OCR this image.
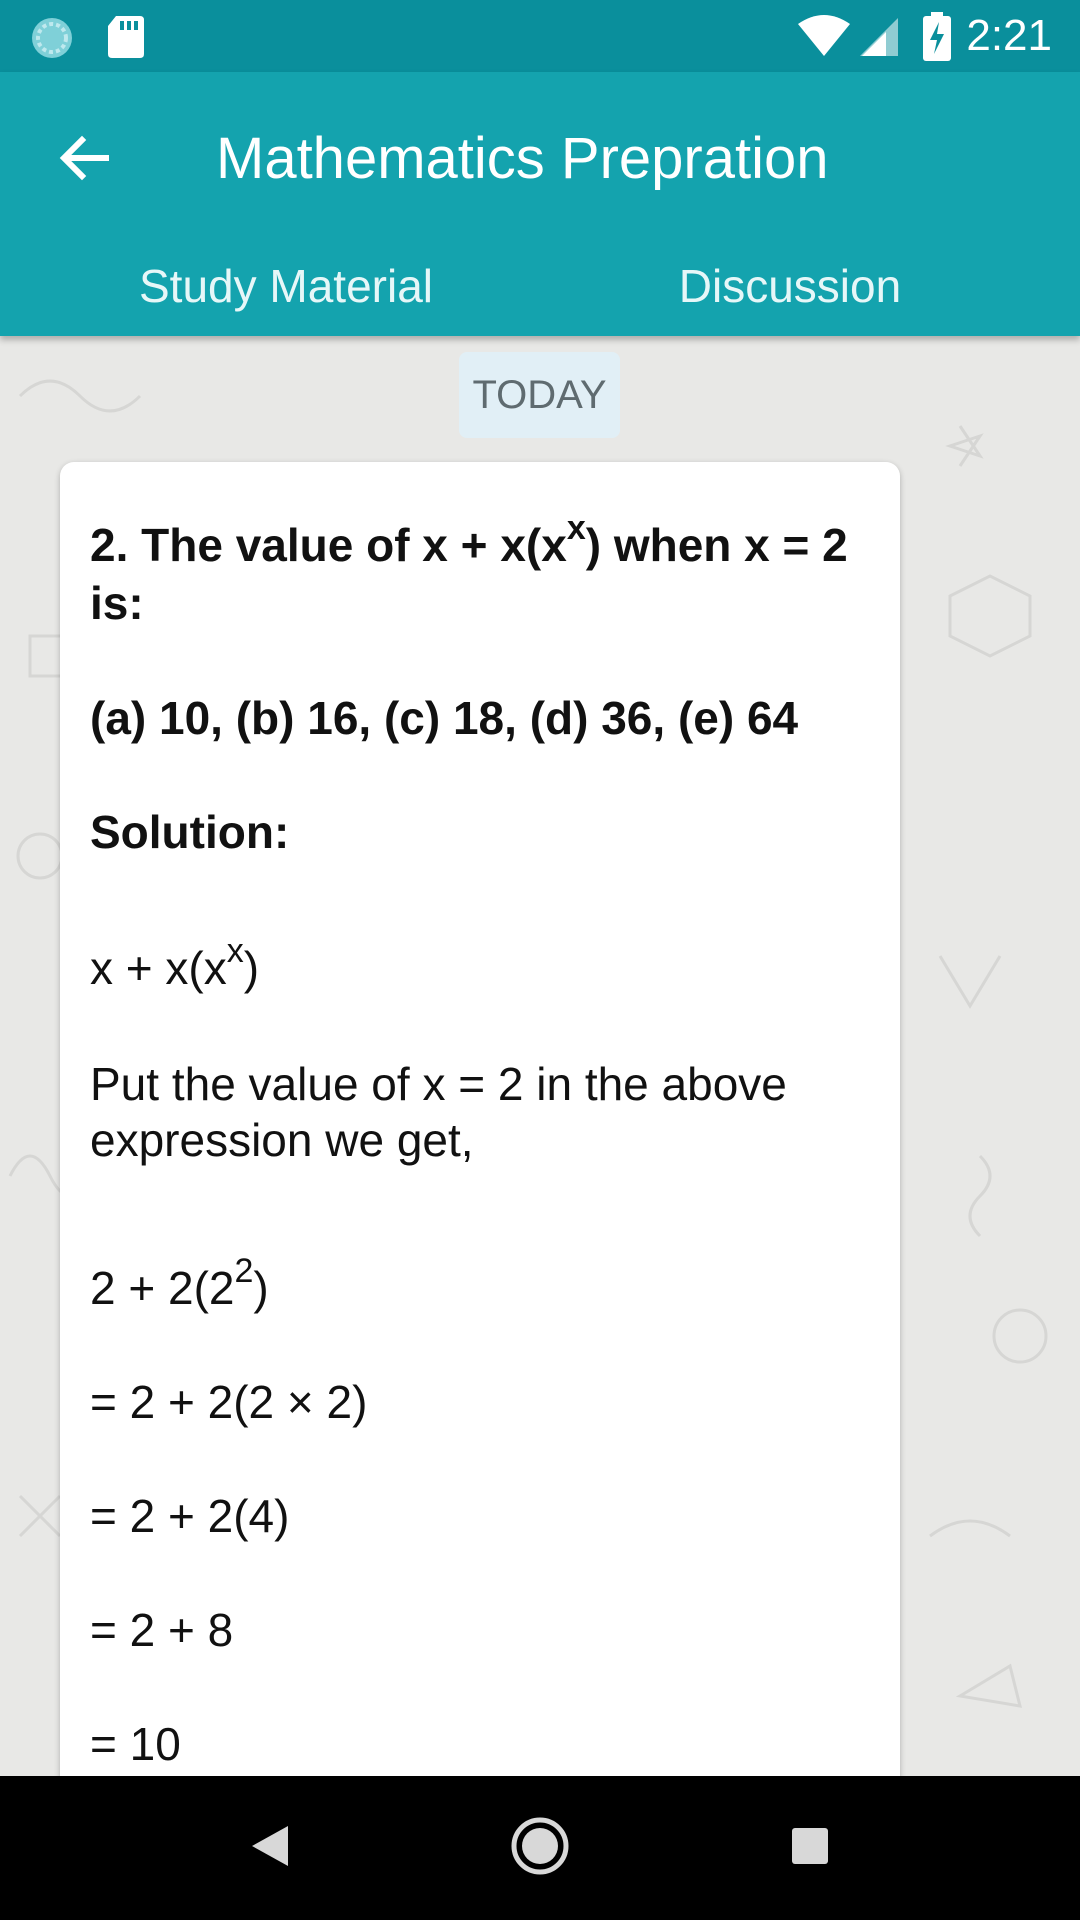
2:21
Mathematics Prepration
Study Material	Discussion
TODAY
2. The value of $x + x(x^x)$ when x = 2 is:
(a) 10, (b) 16, (c) 18, (d) 36, (e) 64
Solution:
$x + x(x^x)$
Put the value of x = 2 in the above expression we get,
$2 + 2(2^2)$
= 2 + 2(2 × 2)
= 2 + 2(4)
= 2 + 8
= 10
